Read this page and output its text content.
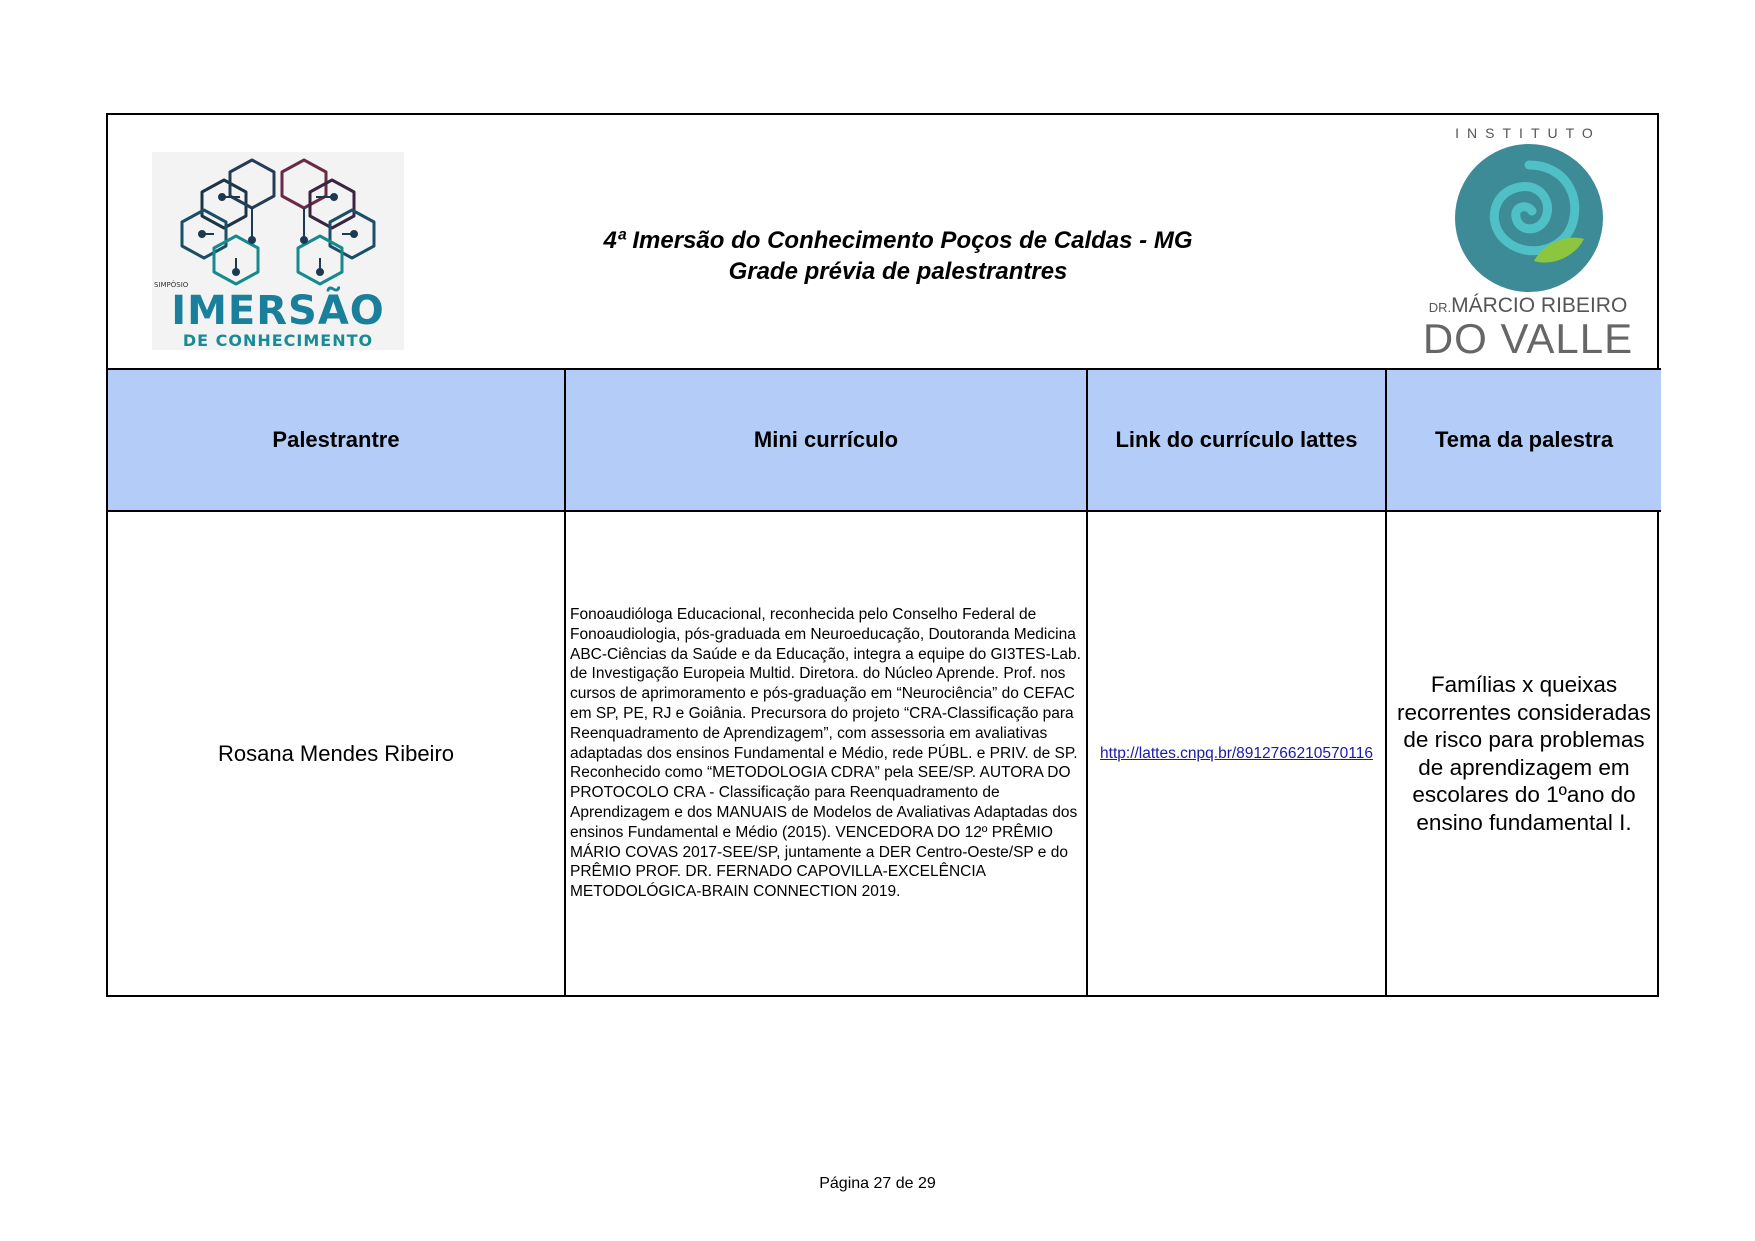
SIMPÓSIO
IMERSÃO
DE CONHECIMENTO
4ª Imersão do Conhecimento Poços de Caldas - MG
Grade prévia de palestrantres
INSTITUTO
DR.MÁRCIO RIBEIRO
DO VALLE
Palestrantre	Mini currículo	Link do currículo lattes	Tema da palestra
Rosana Mendes Ribeiro	Fonoaudióloga Educacional, reconhecida pelo Conselho Federal de Fonoaudiologia, pós-graduada em Neuroeducação, Doutoranda Medicina ABC-Ciências da Saúde e da Educação, integra a equipe do GI3TES-Lab. de Investigação Europeia Multid. Diretora. do Núcleo Aprende. Prof. nos cursos de aprimoramento e pós-graduação em “Neurociência” do CEFAC em SP, PE, RJ e Goiânia. Precursora do projeto “CRA-Classificação para Reenquadramento de Aprendizagem”, com assessoria em avaliativas adaptadas dos ensinos Fundamental e Médio, rede PÚBL. e PRIV. de SP. Reconhecido como “METODOLOGIA CDRA” pela SEE/SP. AUTORA DO PROTOCOLO CRA - Classificação para Reenquadramento de Aprendizagem e dos MANUAIS de Modelos de Avaliativas Adaptadas dos ensinos Fundamental e Médio (2015). VENCEDORA DO 12º PRÊMIO MÁRIO COVAS 2017-SEE/SP, juntamente a DER Centro-Oeste/SP e do PRÊMIO PROF. DR. FERNADO CAPOVILLA-EXCELÊNCIA METODOLÓGICA-BRAIN CONNECTION 2019.	http://lattes.cnpq.br/8912766210570116	Famílias x queixas recorrentes consideradas de risco para problemas de aprendizagem em escolares do 1ºano do ensino fundamental I.
Página 27 de 29
